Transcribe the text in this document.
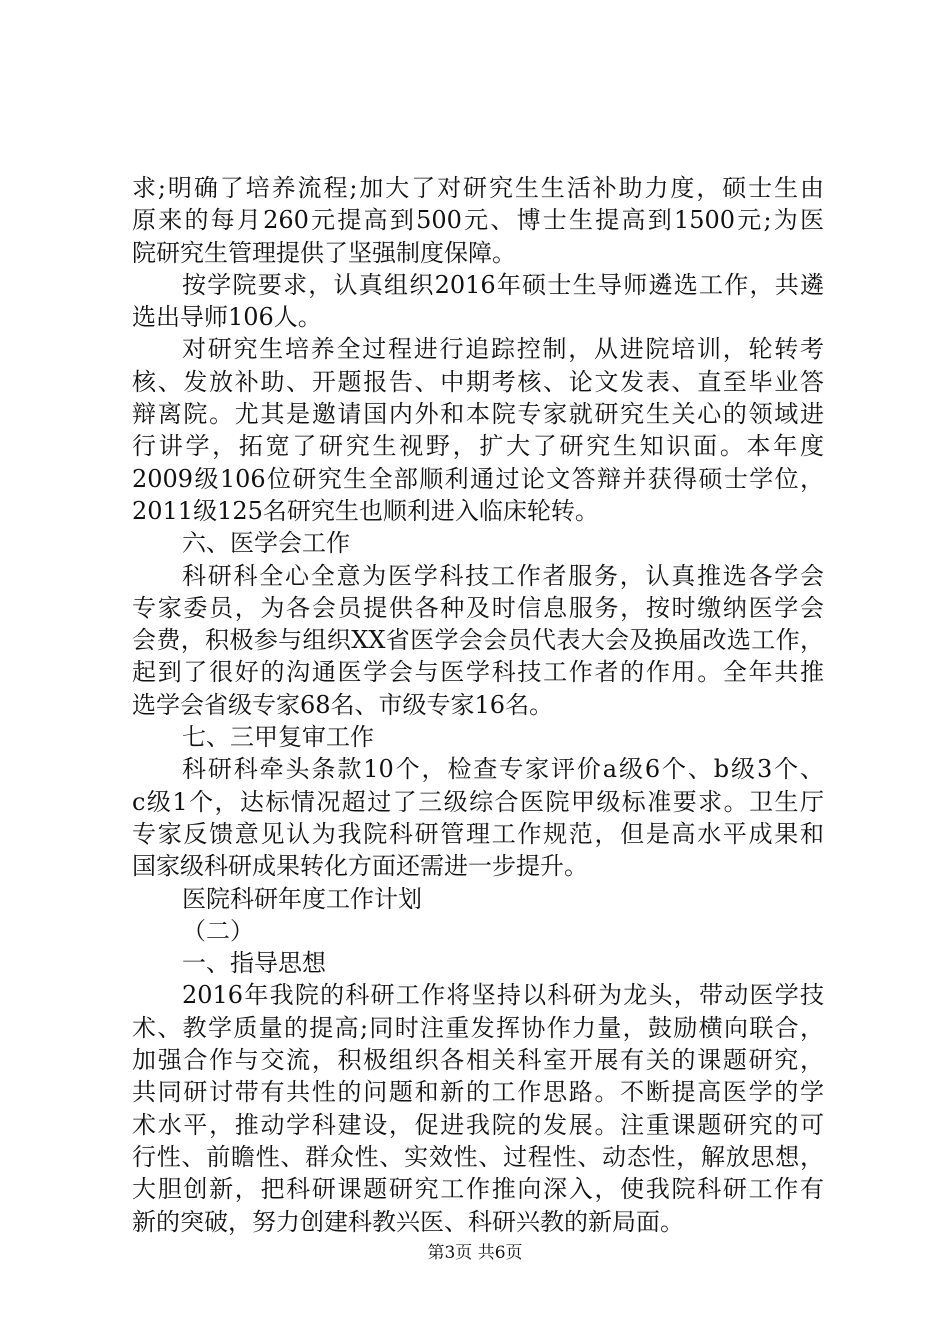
求;明确了培养流程;加大了对研究生生活补助力度，硕士生由
原来的每月260元提高到500元、博士生提高到1500元;为医
院研究生管理提供了坚强制度保障。
按学院要求，认真组织2016年硕士生导师遴选工作，共遴
选出导师106人。
对研究生培养全过程进行追踪控制，从进院培训，轮转考
核、发放补助、开题报告、中期考核、论文发表、直至毕业答
辩离院。尤其是邀请国内外和本院专家就研究生关心的领域进
行讲学，拓宽了研究生视野，扩大了研究生知识面。本年度
2009级106位研究生全部顺利通过论文答辩并获得硕士学位，
2011级125名研究生也顺利进入临床轮转。
六、医学会工作
科研科全心全意为医学科技工作者服务，认真推选各学会
专家委员，为各会员提供各种及时信息服务，按时缴纳医学会
会费，积极参与组织XX省医学会会员代表大会及换届改选工作，
起到了很好的沟通医学会与医学科技工作者的作用。全年共推
选学会省级专家68名、市级专家16名。
七、三甲复审工作
科研科牵头条款10个，检查专家评价a级6个、b级3个、
c级1个，达标情况超过了三级综合医院甲级标准要求。卫生厅
专家反馈意见认为我院科研管理工作规范，但是高水平成果和
国家级科研成果转化方面还需进一步提升。
医院科研年度工作计划
（二）
一、指导思想
2016年我院的科研工作将坚持以科研为龙头，带动医学技
术、教学质量的提高;同时注重发挥协作力量，鼓励横向联合，
加强合作与交流，积极组织各相关科室开展有关的课题研究，
共同研讨带有共性的问题和新的工作思路。不断提高医学的学
术水平，推动学科建设，促进我院的发展。注重课题研究的可
行性、前瞻性、群众性、实效性、过程性、动态性，解放思想，
大胆创新，把科研课题研究工作推向深入，使我院科研工作有
新的突破，努力创建科教兴医、科研兴教的新局面。
第3页 共6页
